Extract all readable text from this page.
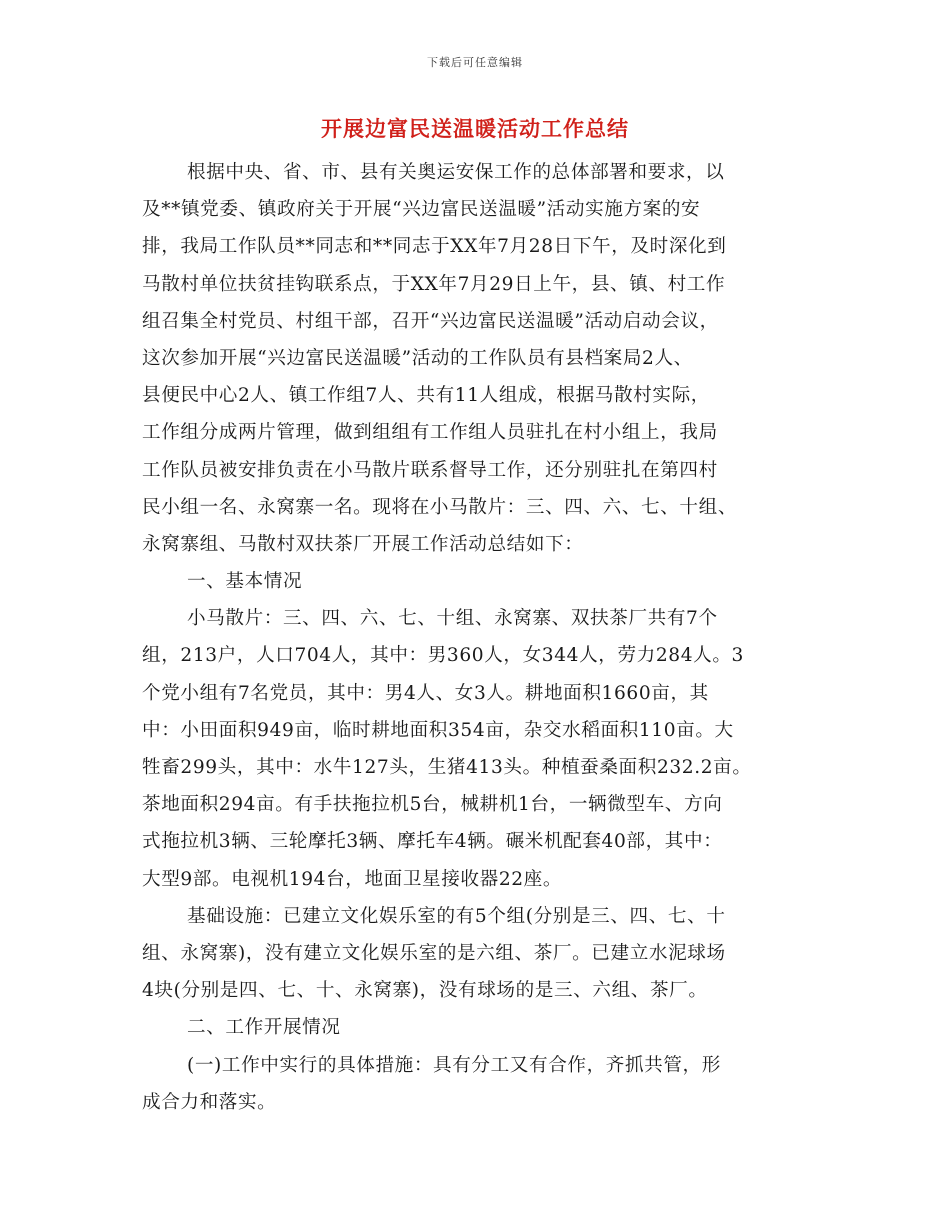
下载后可任意编辑
开展边富民送温暖活动工作总结
根据中央、省、市、县有关奥运安保工作的总体部署和要求，以
及**镇党委、镇政府关于开展“兴边富民送温暖”活动实施方案的安
排，我局工作队员**同志和**同志于XX年7月28日下午，及时深化到
马散村单位扶贫挂钩联系点，于XX年7月29日上午，县、镇、村工作
组召集全村党员、村组干部，召开“兴边富民送温暖”活动启动会议，
这次参加开展“兴边富民送温暖”活动的工作队员有县档案局2人、
县便民中心2人、镇工作组7人、共有11人组成，根据马散村实际，
工作组分成两片管理，做到组组有工作组人员驻扎在村小组上，我局
工作队员被安排负责在小马散片联系督导工作，还分别驻扎在第四村
民小组一名、永窝寨一名。现将在小马散片：三、四、六、七、十组、
永窝寨组、马散村双扶茶厂开展工作活动总结如下：
一、基本情况
小马散片：三、四、六、七、十组、永窝寨、双扶茶厂共有7个
组，213户，人口704人，其中：男360人，女344人，劳力284人。3
个党小组有7名党员，其中：男4人、女3人。耕地面积1660亩，其
中：小田面积949亩，临时耕地面积354亩，杂交水稻面积110亩。大
牲畜299头，其中：水牛127头，生猪413头。种植蚕桑面积232.2亩。
茶地面积294亩。有手扶拖拉机5台，械耕机1台，一辆微型车、方向
式拖拉机3辆、三轮摩托3辆、摩托车4辆。碾米机配套40部，其中：
大型9部。电视机194台，地面卫星接收器22座。
基础设施：已建立文化娱乐室的有5个组(分别是三、四、七、十
组、永窝寨)，没有建立文化娱乐室的是六组、茶厂。已建立水泥球场
4块(分别是四、七、十、永窝寨)，没有球场的是三、六组、茶厂。
二、工作开展情况
(一)工作中实行的具体措施：具有分工又有合作，齐抓共管，形
成合力和落实。
